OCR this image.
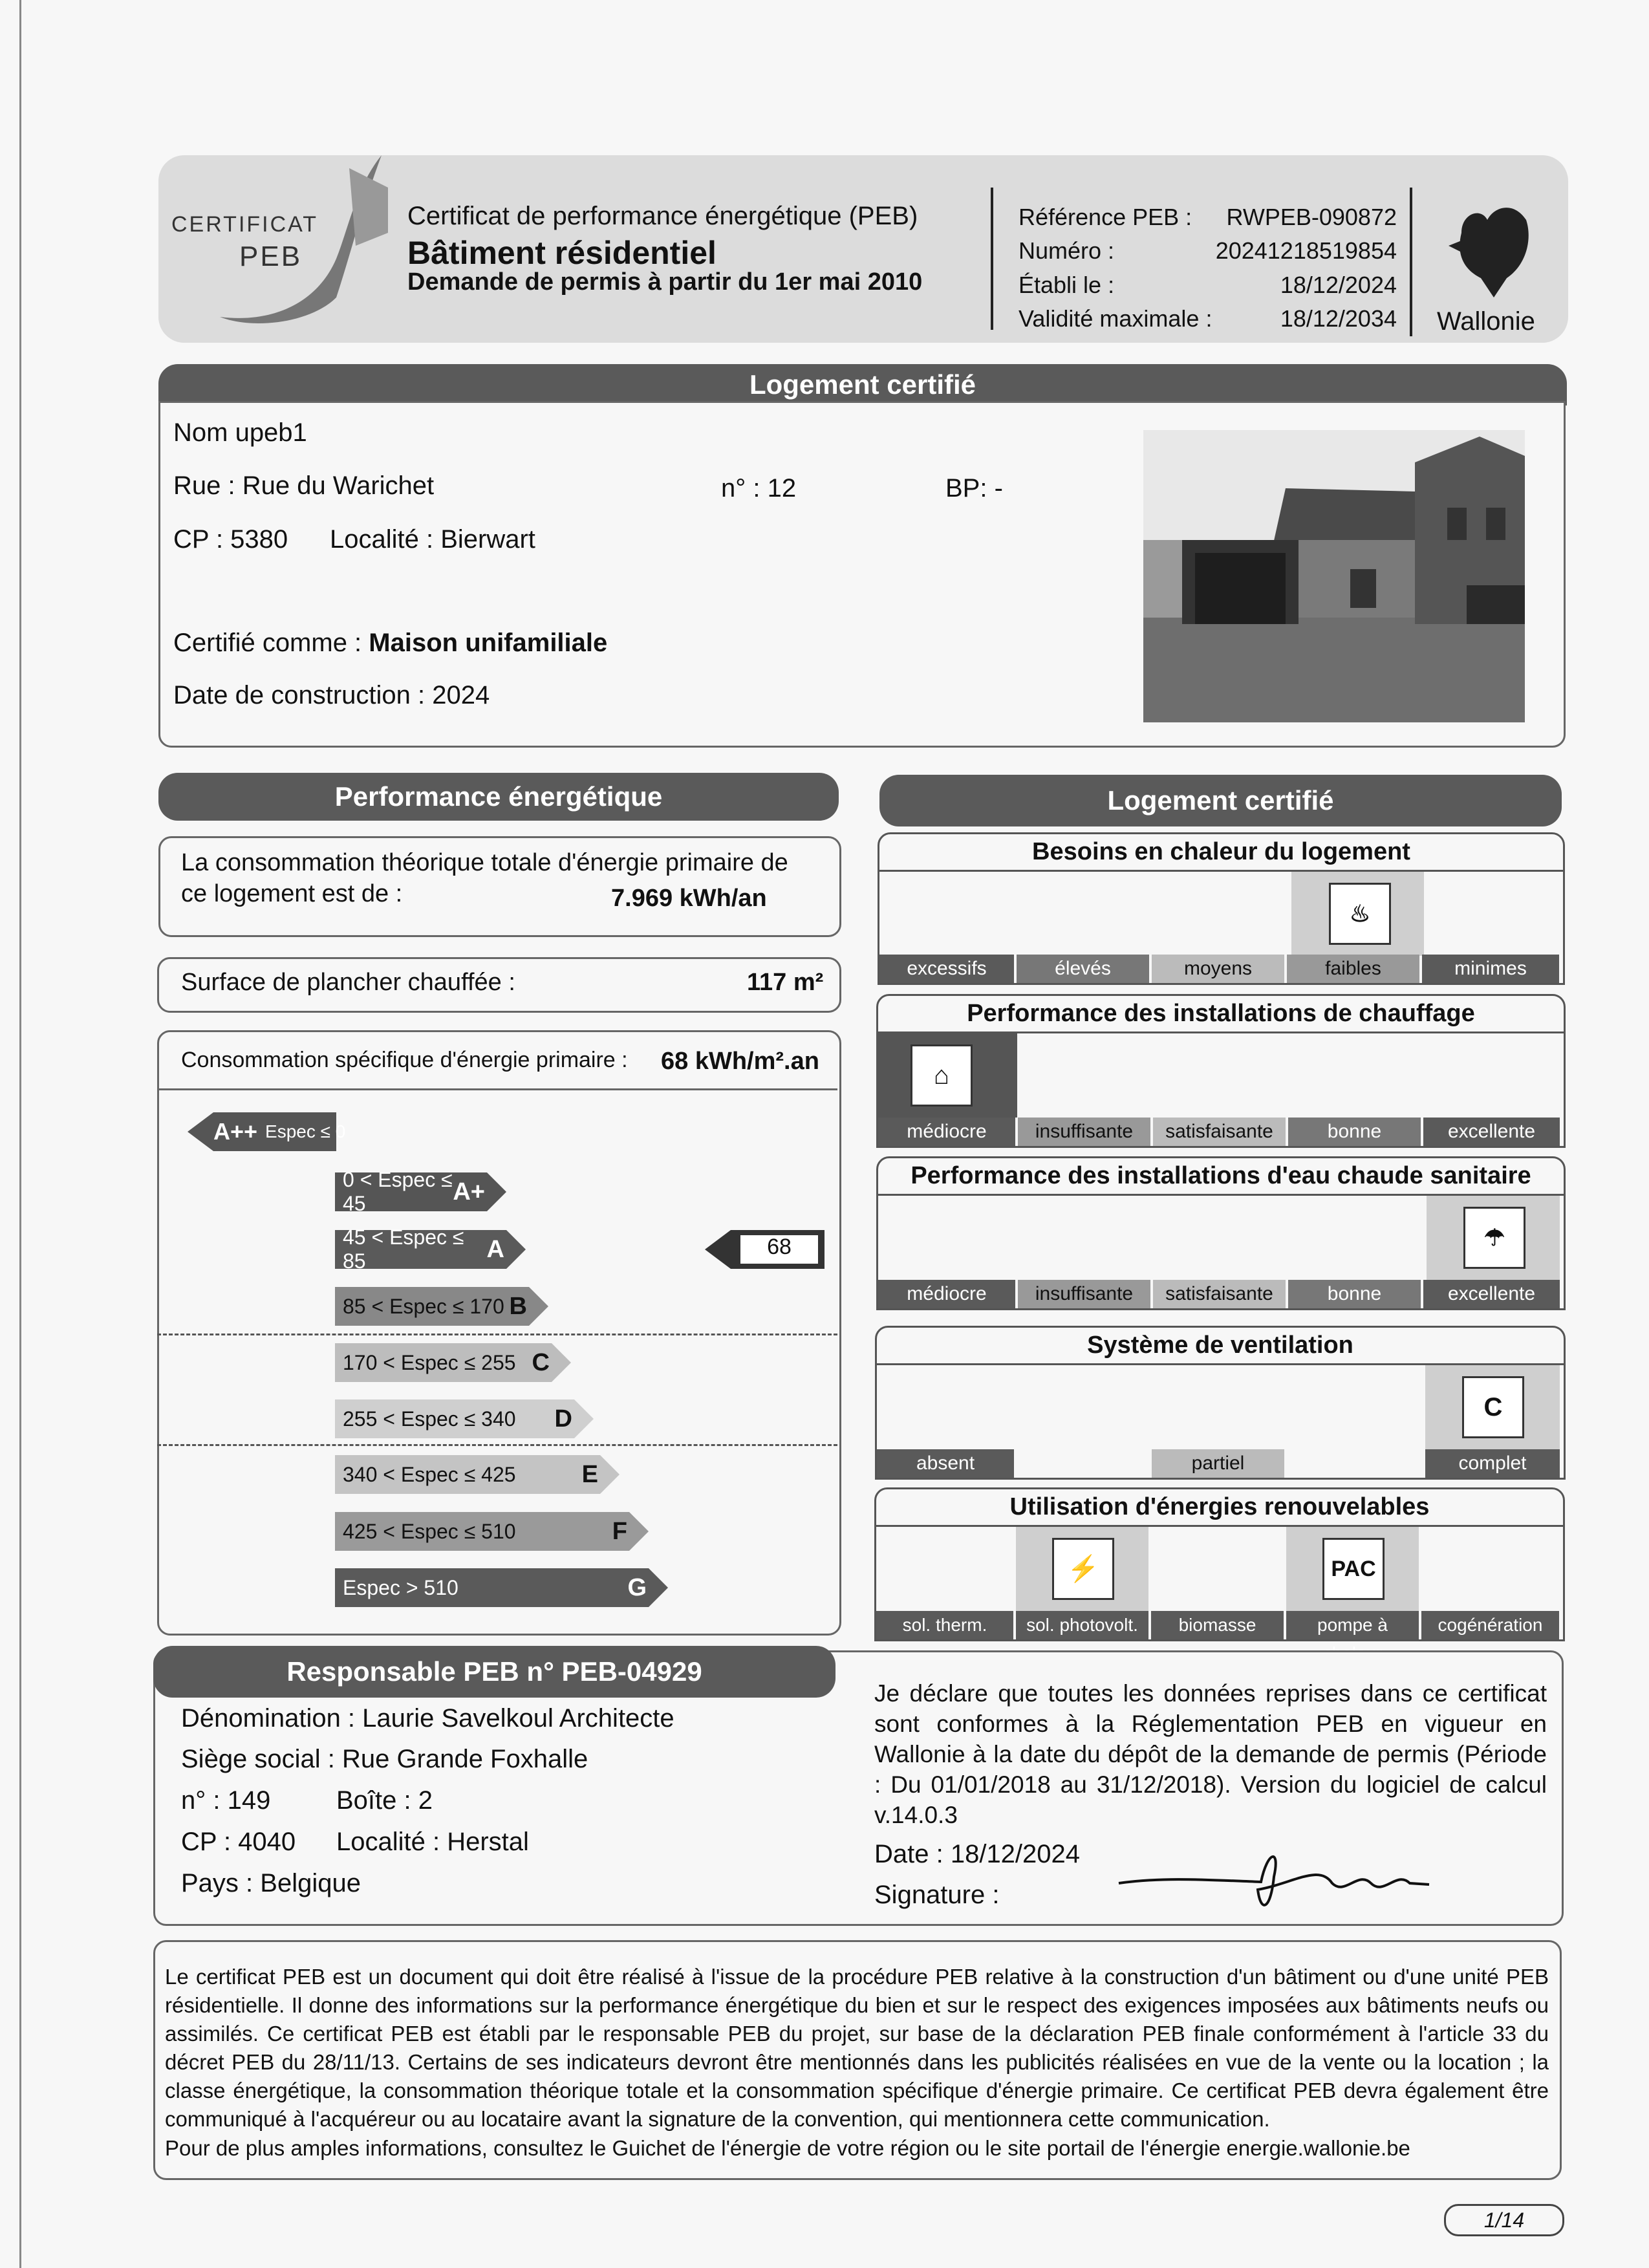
CERTIFICAT
PEB
Certificat de performance énergétique (PEB)
Bâtiment résidentiel
Demande de permis à partir du 1er mai 2010
Référence PEB :	RWPEB-090872
Numéro :	20241218519854
Établi le :	18/12/2024
Validité maximale :	18/12/2034 Wallonie
Logement certifié
Nom upeb1
Rue : Rue du Warichet	n° : 12	BP: -
CP : 5380 Localité : Bierwart
Certifié comme : Maison unifamiliale
Date de construction : 2024
Performance énergétique
La consommation théorique totale d'énergie primaire de ce logement est de :	7.969 kWh/an
Surface de plancher chauffée :	117 m²
Consommation spécifique d'énergie primaire : 68 kWh/m².an
A++ Espec ≤ 0
0 < Espec ≤ 45	A+
45 < Espec ≤ 85	A
85 < Espec ≤ 170 B
170 < Espec ≤ 255 C
255 < Espec ≤ 340 D
340 < Espec ≤ 425	E
425 < Espec ≤ 510	F
Espec > 510	G
68
Logement certifié
Besoins en chaleur du logement
♨
excessifs	élevés	moyens	faibles	minimes
Performance des installations de chauffage
⌂
médiocre	insuffisante	satisfaisante	bonne	excellente
Performance des installations d'eau chaude sanitaire
☂
médiocre	insuffisante	satisfaisante	bonne	excellente
Système de ventilation
C
absent	partiel	complet
Utilisation d'énergies renouvelables
⚡	PAC
sol. therm.	sol. photovolt.	biomasse	pompe à	cogénération
Responsable PEB n° PEB-04929
Dénomination : Laurie Savelkoul Architecte
Siège social : Rue Grande Foxhalle
n° : 149	Boîte : 2
CP : 4040 Localité : Herstal
Pays : Belgique
Je déclare que toutes les données reprises dans ce certificat sont conformes à la Réglementation PEB en vigueur en Wallonie à la date du dépôt de la demande de permis (Période : Du 01/01/2018 au 31/12/2018). Version du logiciel de calcul v.14.0.3
Date : 18/12/2024
Signature :
Le certificat PEB est un document qui doit être réalisé à l'issue de la procédure PEB relative à la construction d'un bâtiment ou d'une unité PEB résidentielle. Il donne des informations sur la performance énergétique du bien et sur le respect des exigences imposées aux bâtiments neufs ou assimilés. Ce certificat PEB est établi par le responsable PEB du projet, sur base de la déclaration PEB finale conformément à l'article 33 du décret PEB du 28/11/13. Certains de ses indicateurs devront être mentionnés dans les publicités réalisées en vue de la vente ou la location ; la classe énergétique, la consommation théorique totale et la consommation spécifique d'énergie primaire. Ce certificat PEB devra également être communiqué à l'acquéreur ou au locataire avant la signature de la convention, qui mentionnera cette communication.
Pour de plus amples informations, consultez le Guichet de l'énergie de votre région ou le site portail de l'énergie energie.wallonie.be
1/14
